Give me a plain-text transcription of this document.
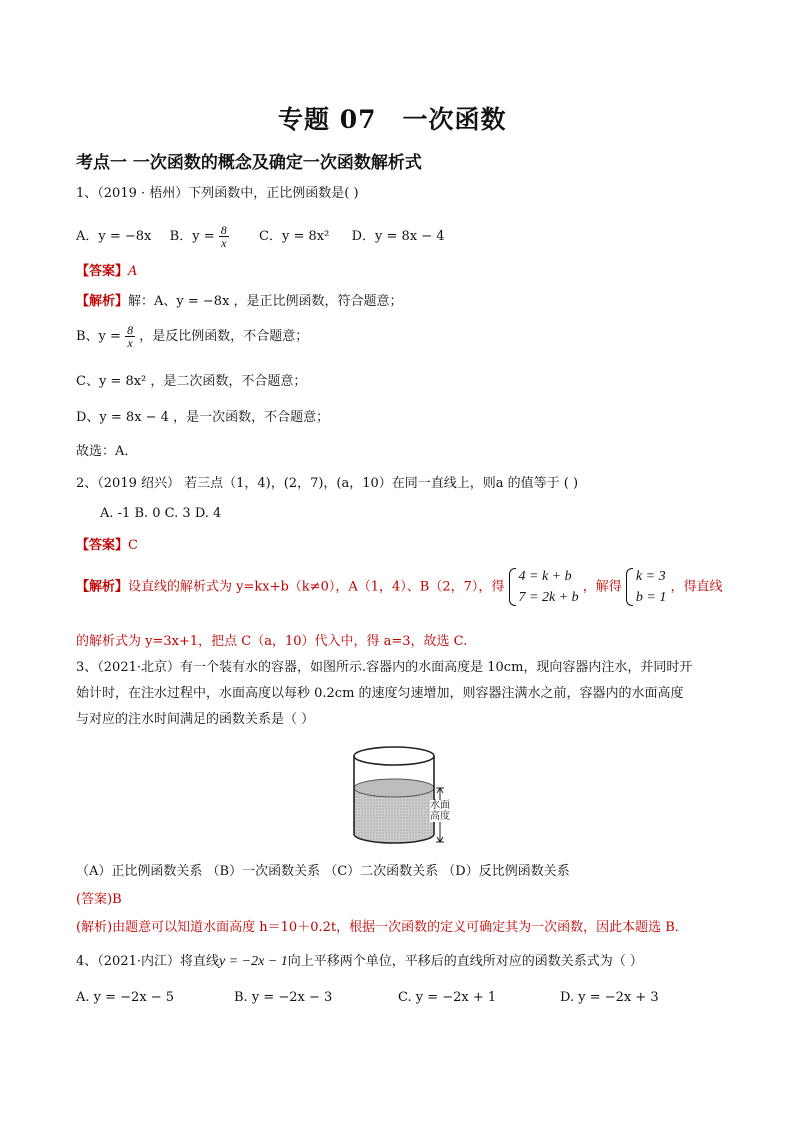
专题 07　一次函数
考点一 一次函数的概念及确定一次函数解析式
1、（2019 · 梧州）下列函数中，正比例函数是( )
A．y = −8x B．$y = \frac{8}{x}$ C．y = 8x² D．y = 8x − 4
【答案】A
【解析】解：A、y = −8x ，是正比例函数，符合题意；
B、$y = \frac{8}{x}$ ，是反比例函数，不合题意；
C、y = 8x² ，是二次函数，不合题意；
D、y = 8x − 4 ，是一次函数，不合题意；
故选：A．
2、（2019 绍兴） 若三点（1，4)，(2，7)，(a，10）在同一直线上，则a 的值等于 ( )
A. -1 B. 0 C. 3 D. 4
【答案】C
【解析】设直线的解析式为 y=kx+b（k≠0），A（1，4）、B（2，7），得
4 = k + b
7 = 2k + b
，解得
k = 3
b = 1
，得直线
的解析式为 y=3x+1，把点 C（a，10）代入中，得 a=3，故选 C.
3、（2021·北京）有一个装有水的容器，如图所示.容器内的水面高度是 10cm，现向容器内注水，并同时开
始计时，在注水过程中，水面高度以每秒 0.2cm 的速度匀速增加，则容器注满水之前，容器内的水面高度
与对应的注水时间满足的函数关系是（ ）
水面
高度
（A）正比例函数关系 （B）一次函数关系 （C）二次函数关系 （D）反比例函数关系
(答案)B
(解析)由题意可以知道水面高度 h＝10＋0.2t，根据一次函数的定义可确定其为一次函数，因此本题选 B．
4、（2021·内江）将直线y = −2x − 1向上平移两个单位，平移后的直线所对应的函数关系式为（ ）
A. y = −2x − 5	B. y = −2x − 3	C. y = −2x + 1	D. y = −2x + 3
